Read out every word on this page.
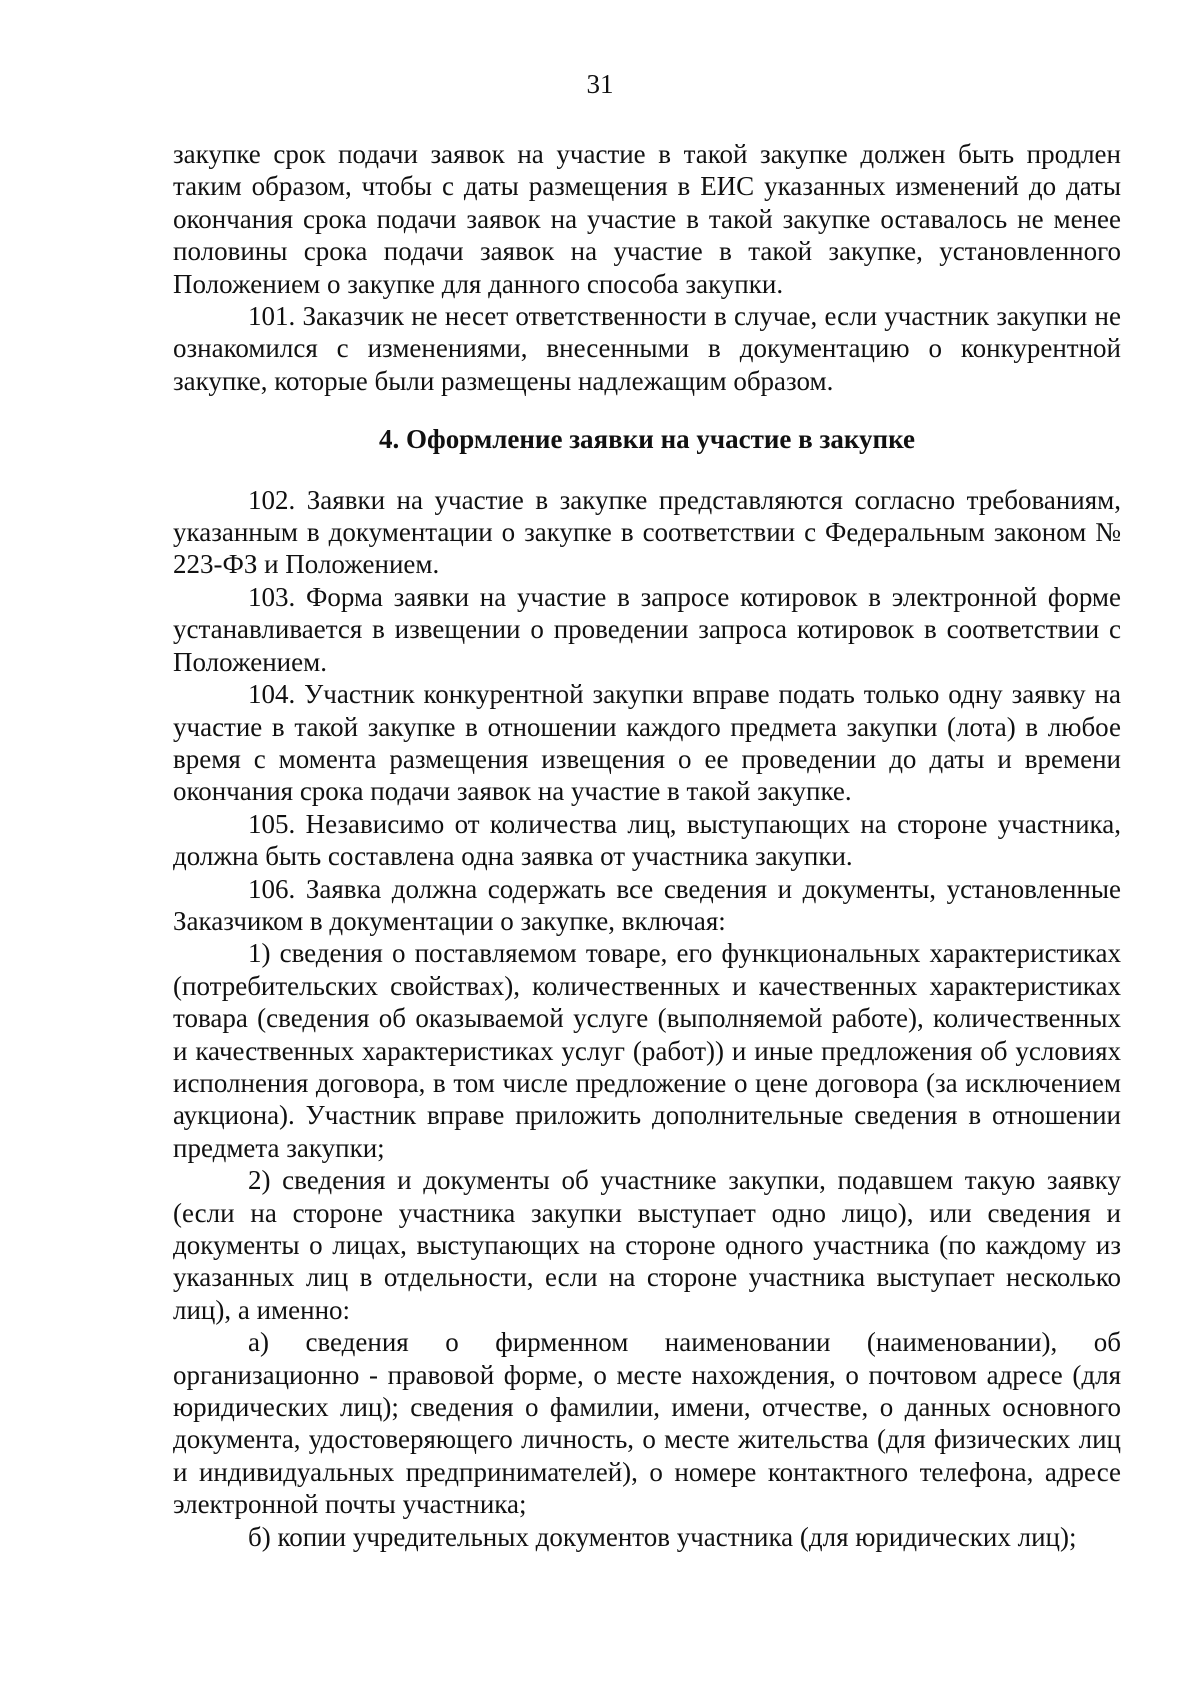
31

закупке срок подачи заявок на участие в такой закупке должен быть продлен таким образом, чтобы с даты размещения в ЕИС указанных изменений до даты окончания срока подачи заявок на участие в такой закупке оставалось не менее половины срока подачи заявок на участие в такой закупке, установленного Положением о закупке для данного способа закупки.

101. Заказчик не несет ответственности в случае, если участник закупки не ознакомился с изменениями, внесенными в документацию о конкурентной закупке, которые были размещены надлежащим образом.

4. Оформление заявки на участие в закупке

102. Заявки на участие в закупке представляются согласно требованиям, указанным в документации о закупке в соответствии с Федеральным законом № 223-ФЗ и Положением.

103. Форма заявки на участие в запросе котировок в электронной форме устанавливается в извещении о проведении запроса котировок в соответствии с Положением.

104. Участник конкурентной закупки вправе подать только одну заявку на участие в такой закупке в отношении каждого предмета закупки (лота) в любое время с момента размещения извещения о ее проведении до даты и времени окончания срока подачи заявок на участие в такой закупке.

105. Независимо от количества лиц, выступающих на стороне участника, должна быть составлена одна заявка от участника закупки.

106. Заявка должна содержать все сведения и документы, установленные Заказчиком в документации о закупке, включая:

1) сведения о поставляемом товаре, его функциональных характеристиках (потребительских свойствах), количественных и качественных характеристиках товара (сведения об оказываемой услуге (выполняемой работе), количественных и качественных характеристиках услуг (работ)) и иные предложения об условиях исполнения договора, в том числе предложение о цене договора (за исключением аукциона). Участник вправе приложить дополнительные сведения в отношении предмета закупки;

2) сведения и документы об участнике закупки, подавшем такую заявку (если на стороне участника закупки выступает одно лицо), или сведения и документы о лицах, выступающих на стороне одного участника (по каждому из указанных лиц в отдельности, если на стороне участника выступает несколько лиц), а именно:

а) сведения о фирменном наименовании (наименовании), об организационно - правовой форме, о месте нахождения, о почтовом адресе (для юридических лиц); сведения о фамилии, имени, отчестве, о данных основного документа, удостоверяющего личность, о месте жительства (для физических лиц и индивидуальных предпринимателей), о номере контактного телефона, адресе электронной почты участника;

б) копии учредительных документов участника (для юридических лиц);
